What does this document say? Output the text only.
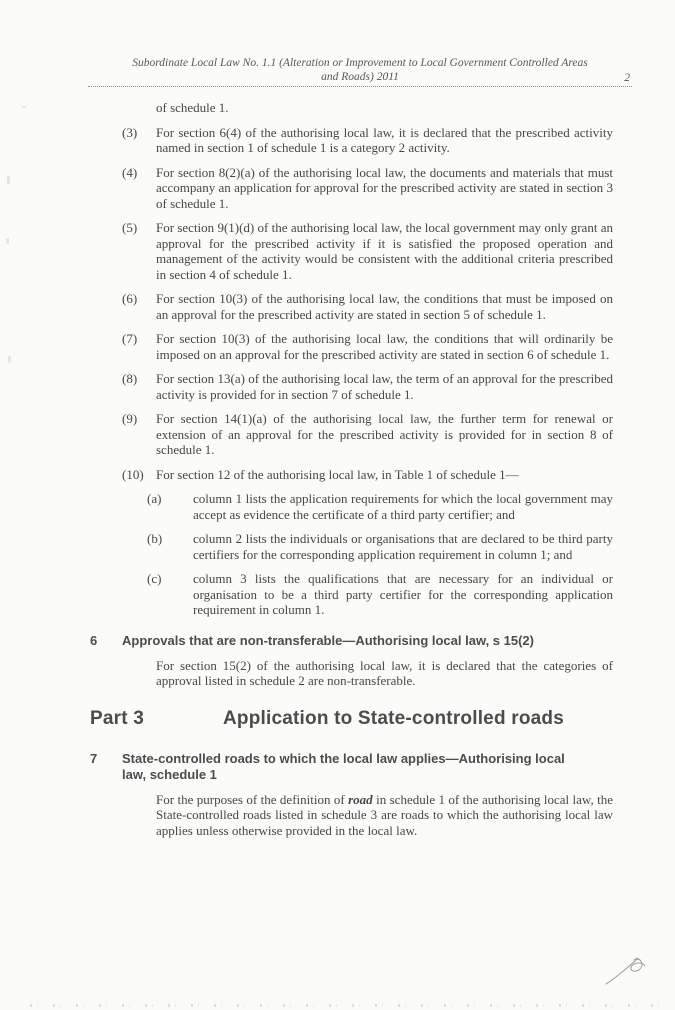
Subordinate Local Law No. 1.1 (Alteration or Improvement to Local Government Controlled Areas
and Roads) 2011	2

of schedule 1.

(3)	For section 6(4) of the authorising local law, it is declared that the prescribed activity named in section 1 of schedule 1 is a category 2 activity.
(4)	For section 8(2)(a) of the authorising local law, the documents and materials that must accompany an application for approval for the prescribed activity are stated in section 3 of schedule 1.
(5)	For section 9(1)(d) of the authorising local law, the local government may only grant an approval for the prescribed activity if it is satisfied the proposed operation and management of the activity would be consistent with the additional criteria prescribed in section 4 of schedule 1.
(6)	For section 10(3) of the authorising local law, the conditions that must be imposed on an approval for the prescribed activity are stated in section 5 of schedule 1.
(7)	For section 10(3) of the authorising local law, the conditions that will ordinarily be imposed on an approval for the prescribed activity are stated in section 6 of schedule 1.
(8)	For section 13(a) of the authorising local law, the term of an approval for the prescribed activity is provided for in section 7 of schedule 1.
(9)	For section 14(1)(a) of the authorising local law, the further term for renewal or extension of an approval for the prescribed activity is provided for in section 8 of schedule 1.
(10) For section 12 of the authorising local law, in Table 1 of schedule 1—
(a)	column 1 lists the application requirements for which the local government may accept as evidence the certificate of a third party certifier; and
(b)	column 2 lists the individuals or organisations that are declared to be third party certifiers for the corresponding application requirement in column 1; and
(c)	column 3 lists the qualifications that are necessary for an individual or organisation to be a third party certifier for the corresponding application requirement in column 1.
6	Approvals that are non-transferable—Authorising local law, s 15(2)

For section 15(2) of the authorising local law, it is declared that the categories of approval listed in schedule 2 are non-transferable.

Part 3	Application to State-controlled roads
7	State-controlled roads to which the local law applies—Authorising local law, schedule 1

For the purposes of the definition of road in schedule 1 of the authorising local law, the State-controlled roads listed in schedule 3 are roads to which the authorising local law applies unless otherwise provided in the local law.
